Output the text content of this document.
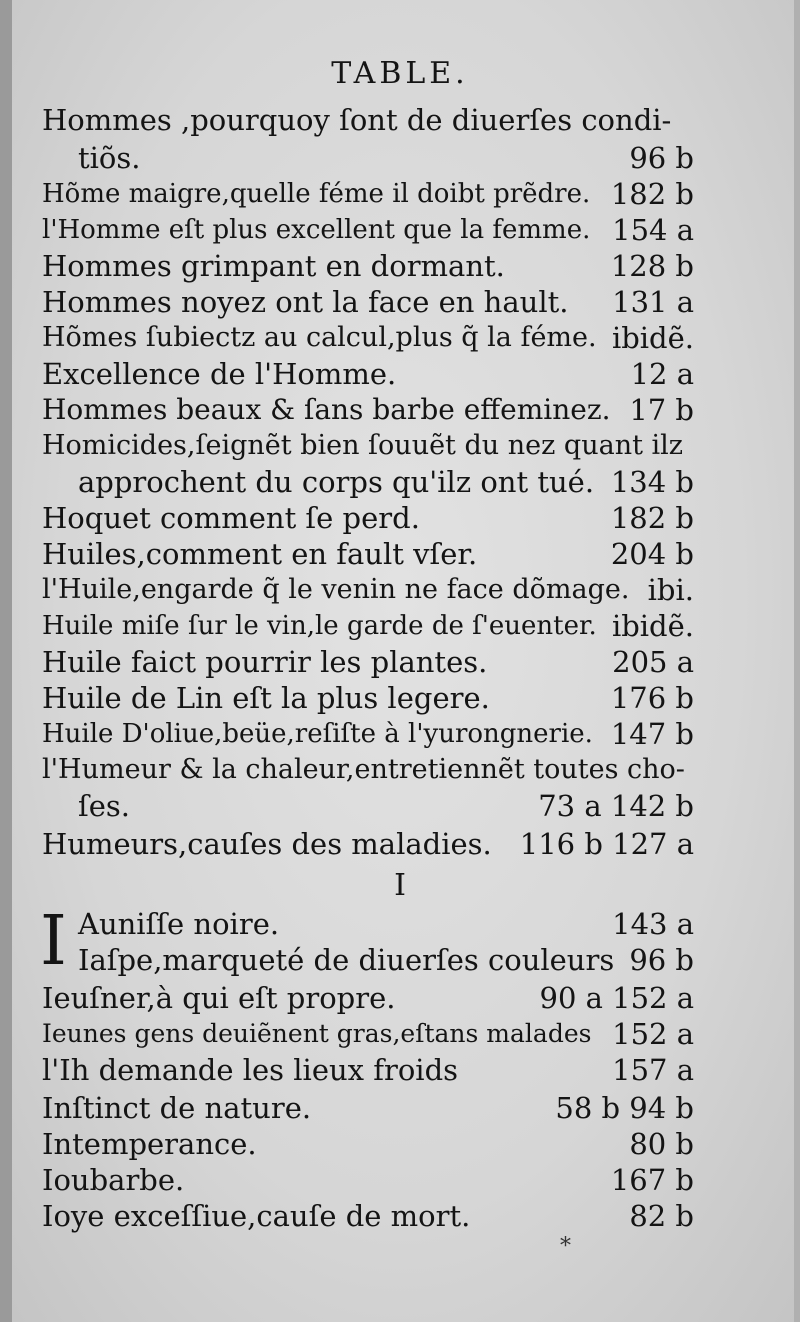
TABLE.
Hommes ,pourquoy ſont de diuerſes condi-
tiõs.	96 b
Hõme maigre,quelle féme il doibt prẽdre. 182 b
l'Homme eſt plus excellent que la femme. 154 a
Hommes grimpant en dormant.	128 b
Hommes noyez ont la face en hault. 131 a
Hõmes ſubiectz au calcul,plus q̃ la féme. ibidẽ.
Excellence de l'Homme.	12 a
Hommes beaux & ſans barbe effeminez. 17 b
Homicides,ſeignẽt bien ſouuẽt du nez quant ilz
approchent du corps qu'ilz ont tué. 134 b
Hoquet comment ſe perd.	182 b
Huiles,comment en fault vſer.	204 b
l'Huile,engarde q̃ le venin ne face dõmage. ibi.
Huile miſe ſur le vin,le garde de ſ'euenter. ibidẽ.
Huile faict pourrir les plantes.	205 a
Huile de Lin eſt la plus legere.	176 b
Huile D'oliue,beüe,reſiſte à l'yurongnerie. 147 b
l'Humeur & la chaleur,entretiennẽt toutes cho-
ſes.	73 a 142 b
Humeurs,cauſes des maladies. 116 b 127 a
I
I Auniſſe noire.	143 a
Iaſpe,marqueté de diuerſes couleurs 96 b
Ieuſner,à qui eſt propre.	90 a 152 a
Ieunes gens deuiẽnent gras,eſtans malades 152 a
l'Ih demande les lieux froids	157 a
Inſtinct de nature.	58 b 94 b
Intemperance.	80 b
Ioubarbe.	167 b
Ioye exceſſiue,cauſe de mort.	82 b
*
